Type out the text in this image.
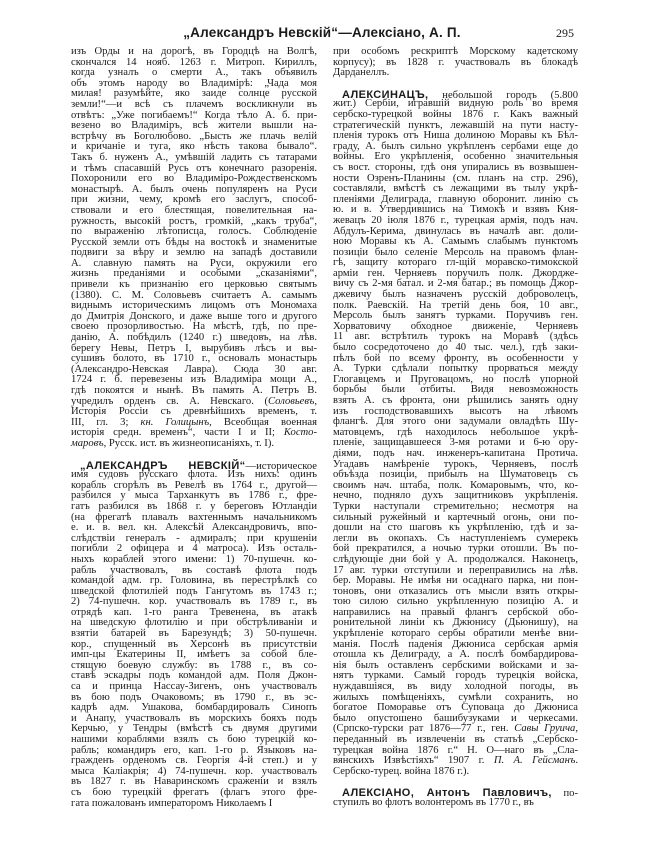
„Александръ Невскій“—Алексіано, А. П.	295
изъ Орды и на дорогѣ, въ Городцѣ на Волгѣ,
скончался 14 нояб. 1263 г. Митроп. Кириллъ,
когда узналъ о смерти А., такъ объявилъ
объ этомъ народу во Владимірѣ: „Чада моя
милая! разумѣйте, яко заиде солнце русской
земли!“—и всѣ съ плачемъ воскликнули въ
отвѣтъ: „Уже погибаемъ!“ Когда тѣло А. б. при-
везено во Владиміръ, всѣ жители вышли на-
встрѣчу въ Боголюбово. „Бысть же плачь велій
и кричаніе и туга, яко нѣсть такова бывало“.
Такъ б. нуженъ А., умѣвшій ладить съ татарами
и тѣмъ спасавшій Русь отъ конечнаго разоренія.
Похоронили его во Владиміро-Рождественскомъ
монастырѣ. А. былъ очень популяренъ на Руси
при жизни, чему, кромѣ его заслугъ, способ-
ствовали и его блестящая, повелительная на-
ружность, высокій ростъ, громкій, „какъ труба“,
по выраженію лѣтописца, голосъ. Соблюденіе
Русской земли отъ бѣды на востокѣ и знаменитые
подвиги за вѣру и землю на западѣ доставили
А. славную память на Руси, окружили его
жизнь преданіями и особыми „сказаніями“,
привели къ признанію его церковью святымъ
(1380). С. М. Соловьевъ считаетъ А. самымъ
виднымъ историческимъ лицомъ отъ Мономаха
до Дмитрія Донского, и даже выше того и другого
своею прозорливостью. На мѣстѣ, гдѣ, по пре-
данію, А. побѣдилъ (1240 г.) шведовъ, на лѣв.
берегу Невы, Петръ I, вырубивъ лѣсъ и вы-
сушивъ болото, въ 1710 г., основалъ монастырь
(Александро-Невская Лавра). Сюда 30 авг.
1724 г. б. перевезены изъ Владиміра мощи А.,
гдѣ покоятся и нынѣ. Въ память А. Петръ В.
учредилъ орденъ св. А. Невскаго. (Соловьевъ,
Исторія Россіи съ древнѣйшихъ временъ, т.
III, гл. 3; кн. Голицынъ, Всеобщая военная
исторія средн. временъ“, части I и II; Косто-
маровъ, Русск. ист. въ жизнеописаніяхъ, т. I).
„АЛЕКСАНДРЪ НЕВСКІЙ“—историческое
имя судовъ русскаго флота. Изъ нихъ: одинъ
корабль сгорѣлъ въ Ревелѣ въ 1764 г., другой—
разбился у мыса Тарханкутъ въ 1786 г., фре-
гатъ разбился въ 1868 г. у береговъ Ютландіи
(на фрегатѣ плавалъ вахтеннымъ начальникомъ
е. и. в. вел. кн. Алексѣй Александровичъ, впо-
слѣдствіи генералъ - адмиралъ; при крушеніи
погибли 2 офицера и 4 матроса). Изъ осталь-
ныхъ кораблей этого имени: 1) 70-пушечн. ко-
рабль участвовалъ, въ составѣ флота подъ
командой адм. гр. Головина, въ перестрѣлкѣ со
шведской флотиліей подъ Гангутомъ въ 1743 г.;
2) 74-пушечн. кор. участвовалъ въ 1789 г., въ
отрядѣ кап. 1-го ранга Тревенена, въ атакѣ
на шведскую флотилію и при обстрѣливаніи и
взятіи батарей въ Барезундѣ; 3) 50-пушечн.
кор., спущенный въ Херсонѣ въ присутствіи
имп-цы Екатерины II, имѣетъ за собой бле-
стящую боевую службу: въ 1788 г., въ со-
ставѣ эскадры подъ командой адм. Поля Джон-
са и принца Нассау-Зигенъ, онъ участвовалъ
въ бою подъ Очаковомъ; въ 1790 г., въ эс-
кадрѣ адм. Ушакова, бомбардировалъ Синопъ
и Анапу, участвовалъ въ морскихъ бояхъ подъ
Керчью, у Тендры (вмѣстѣ съ двумя другими
нашими кораблями взялъ съ бою турецкій ко-
рабль; командиръ его, кап. 1-го р. Языковъ на-
гражденъ орденомъ св. Георгія 4-й степ.) и у
мыса Каліакрія; 4) 74-пушечн. кор. участвовалъ
въ 1827 г. въ Наваринскомъ сраженіи и взялъ
съ бою турецкій фрегатъ (флагъ этого фре-
гата пожалованъ императоромъ Николаемъ I
при особомъ рескриптѣ Морскому кадетскому
корпусу); въ 1828 г. участвовалъ въ блокадѣ
Дарданеллъ.
АЛЕКСИНАЦЪ, небольшой городъ (5.800
жит.) Сербіи, игравшій видную роль во время
сербско-турецкой войны 1876 г. Какъ важный
стратегическій пунктъ, лежавшій на пути насту-
пленія турокъ отъ Ниша долиною Моравы къ Бѣл-
граду, А. былъ сильно укрѣпленъ сербами еще до
войны. Его укрѣпленія, особенно значительныя
съ вост. стороны, гдѣ оня упирались въ возвышен-
ности Озренъ-Планины (см. планъ на стр. 296),
составляли, вмѣстѣ съ лежащими въ тылу укрѣ-
пленіями Делиграда, главную оборонит. линію съ
ю. и в. Утвердившись на Тимокѣ и взявъ Кня-
жевацъ 20 іюля 1876 г., турецкая армія, подъ нач.
Абдулъ-Керима, двинулась въ началѣ авг. доли-
ною Моравы къ А. Самымъ слабымъ пунктомъ
позиціи было селеніе Мерсоль на правомъ флан-
гѣ, защиту котораго гл-щій моравско-тимокской
арміи ген. Черняевъ поручилъ полк. Джордже-
вичу съ 2-мя батал. и 2-мя батар.; въ помощь Джор-
джевичу былъ назначенъ русскій доброволецъ,
полк. Раевскій. На третій день боя, 10 авг.,
Мерсоль былъ занятъ турками. Поручивъ ген.
Хорватовичу обходное движеніе, Черняевъ
11 авг. встрѣтилъ турокъ на Моравѣ (здѣсь
было сосредоточено до 40 тыс. чел.), гдѣ заки-
пѣлъ бой по всему фронту, въ особенности у
А. Турки сдѣлали попытку прорваться между
Глогавцемъ и Пруговацомъ, но послѣ упорной
борьбы были отбиты. Видя невозможность
взять А. съ фронта, они рѣшились занять одну
изъ господствовавшихъ высотъ на лѣвомъ
флангѣ. Для этого они задумали овладѣть Шу-
матовцемъ, гдѣ находилось небольшое укрѣ-
пленіе, защищавшееся 3-мя ротами и 6-ю ору-
діями, подъ нач. инженеръ-капитана Протича.
Угадавъ намѣреніе турокъ, Черняевъ, послѣ
объѣзда позиціи, прибылъ на Шуматовецъ съ
своимъ нач. штаба, полк. Комаровымъ, что, ко-
нечно, подняло духъ защитниковъ укрѣпленія.
Турки наступали стремительно; несмотря на
сильный ружейный и картечный огонь, они по-
дошли на сто шаговъ къ укрѣпленію, гдѣ и за-
легли въ окопахъ. Съ наступленіемъ сумерекъ
бой прекратился, а ночью турки отошли. Въ по-
слѣдующіе дни бой у А. продолжался. Наконецъ,
17 авг. турки отступили и переправились на лѣв.
бер. Моравы. Не имѣя ни осаднаго парка, ни пон-
тоновъ, они отказались отъ мысли взять откры-
тою силою сильно укрѣпленную позицію А. и
направились на правый флангъ сербской обо-
ронительной линіи къ Джюнису (Дьюнишу), на
укрѣпленіе котораго сербы обратили менѣе вни-
манія. Послѣ паденія Джюниса сербская армія
отошла къ Делиграду, а А. послѣ бомбардирова-
нія былъ оставленъ сербскими войсками и за-
нятъ турками. Самый городъ турецкія войска,
нуждавшіяся, въ виду холодной погоды, въ
жилыхъ помѣщеніяхъ, сумѣли сохранить, но
богатое Поморавье отъ Суповаца до Джюниса
было опустошено башибузуками и черкесами.
(Српско-турски рат 1876—77 г., ген. Савы Груича,
переданный въ извлеченіи въ статьѣ „Сербско-
турецкая война 1876 г.“ Н. О—наго въ „Сла-
вянскихъ Извѣстіяхъ“ 1907 г. П. А. Гейсманъ.
Сербско-турец. война 1876 г.).
АЛЕКСІАНО, Антонъ Павловичъ, по-
ступилъ во флотъ волонтеромъ въ 1770 г., въ
